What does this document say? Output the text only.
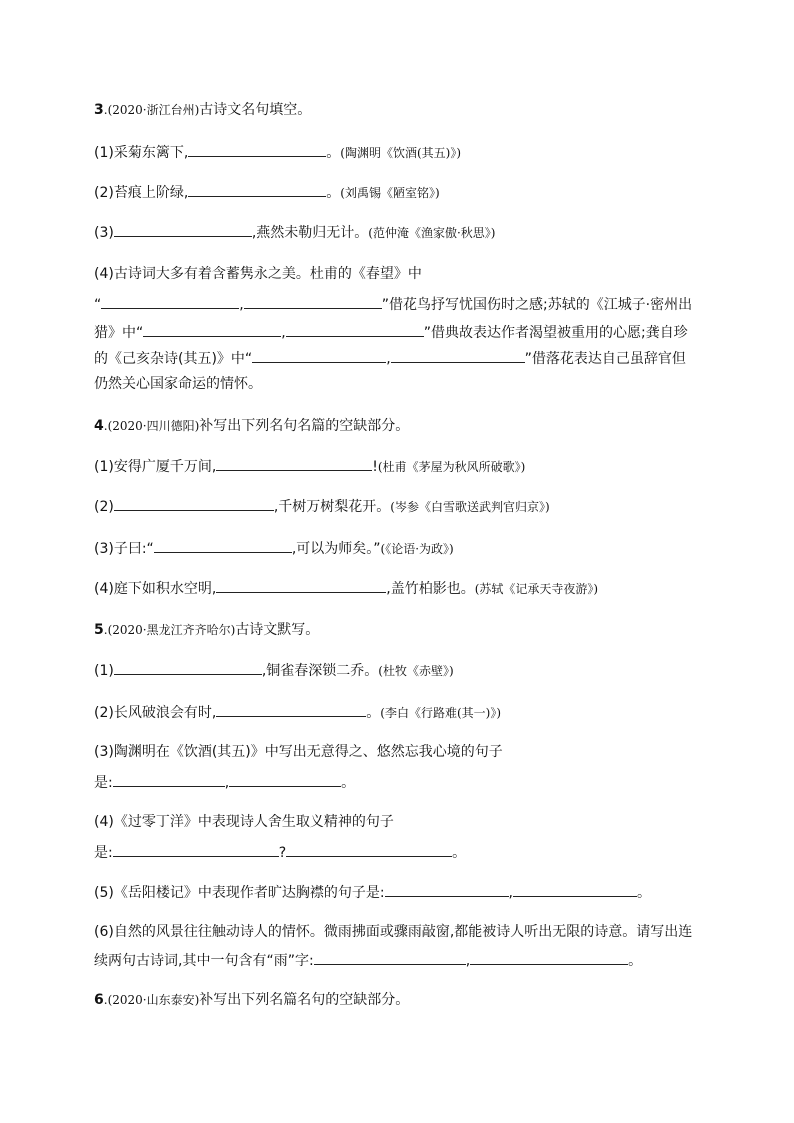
3.(2020·浙江台州)古诗文名句填空。
(1)采菊东篱下,	。(陶渊明《饮酒(其五)》)
(2)苔痕上阶绿,	。(刘禹锡《陋室铭》)
(3)	,燕然未勒归无计。(范仲淹《渔家傲·秋思》)
(4)古诗词大多有着含蓄隽永之美。杜甫的《春望》中
“	,	”借花鸟抒写忧国伤时之感;苏轼的《江城子·密州出
猎》中“	,	”借典故表达作者渴望被重用的心愿;龚自珍
的《己亥杂诗(其五)》中“	,	”借落花表达自己虽辞官但
仍然关心国家命运的情怀。
4.(2020·四川德阳)补写出下列名句名篇的空缺部分。
(1)安得广厦千万间,	!(杜甫《茅屋为秋风所破歌》)
(2)	,千树万树梨花开。(岑参《白雪歌送武判官归京》)
(3)子曰:“	,可以为师矣。”(《论语·为政》)
(4)庭下如积水空明,	,盖竹柏影也。(苏轼《记承天寺夜游》)
5.(2020·黑龙江齐齐哈尔)古诗文默写。
(1)	,铜雀春深锁二乔。(杜牧《赤壁》)
(2)长风破浪会有时,	。(李白《行路难(其一)》)
(3)陶渊明在《饮酒(其五)》中写出无意得之、悠然忘我心境的句子
是:	,	。
(4)《过零丁洋》中表现诗人舍生取义精神的句子
是:	?	。
(5)《岳阳楼记》中表现作者旷达胸襟的句子是:	,	。
(6)自然的风景往往触动诗人的情怀。微雨拂面或骤雨敲窗,都能被诗人听出无限的诗意。请写出连
续两句古诗词,其中一句含有“雨”字:	,	。
6.(2020·山东泰安)补写出下列名篇名句的空缺部分。
